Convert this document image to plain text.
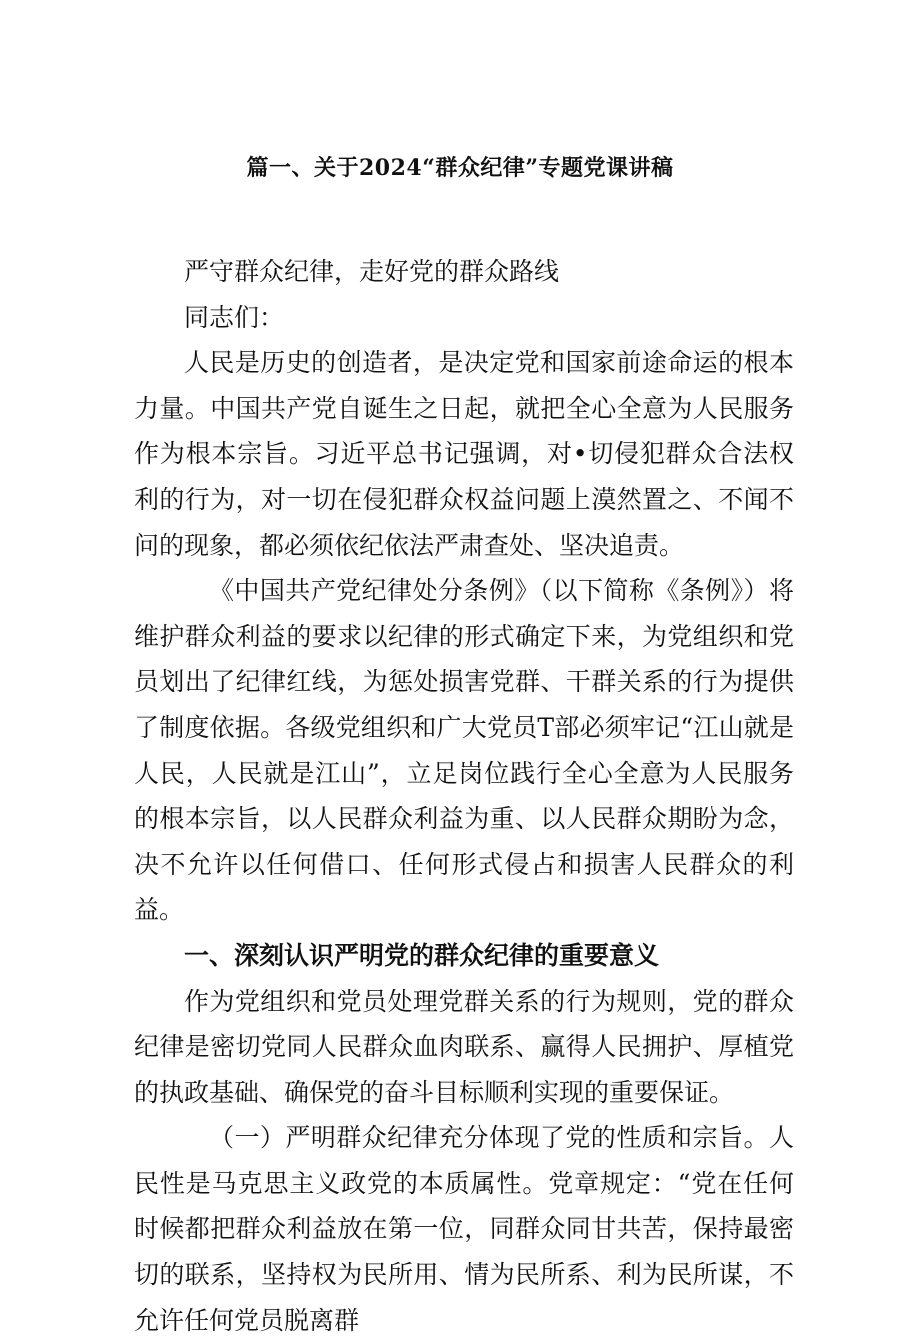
篇一、关于2024“群众纪律”专题党课讲稿

严守群众纪律，走好党的群众路线

同志们：

人民是历史的创造者，是决定党和国家前途命运的根本力量。中国共产党自诞生之日起，就把全心全意为人民服务作为根本宗旨。习近平总书记强调，对•切侵犯群众合法权利的行为，对一切在侵犯群众权益问题上漠然置之、不闻不问的现象，都必须依纪依法严肃查处、坚决追责。

《中国共产党纪律处分条例》（以下简称《条例》）将维护群众利益的要求以纪律的形式确定下来，为党组织和党员划出了纪律红线，为惩处损害党群、干群关系的行为提供了制度依据。各级党组织和广大党员T部必须牢记“江山就是人民，人民就是江山”，立足岗位践行全心全意为人民服务的根本宗旨，以人民群众利益为重、以人民群众期盼为念，决不允许以任何借口、任何形式侵占和损害人民群众的利益。

一、深刻认识严明党的群众纪律的重要意义

作为党组织和党员处理党群关系的行为规则，党的群众纪律是密切党同人民群众血肉联系、赢得人民拥护、厚植党的执政基础、确保党的奋斗目标顺利实现的重要保证。

（一）严明群众纪律充分体现了党的性质和宗旨。人民性是马克思主义政党的本质属性。党章规定：“党在任何时候都把群众利益放在第一位，同群众同甘共苦，保持最密切的联系，坚持权为民所用、情为民所系、利为民所谋，不允许任何党员脱离群
